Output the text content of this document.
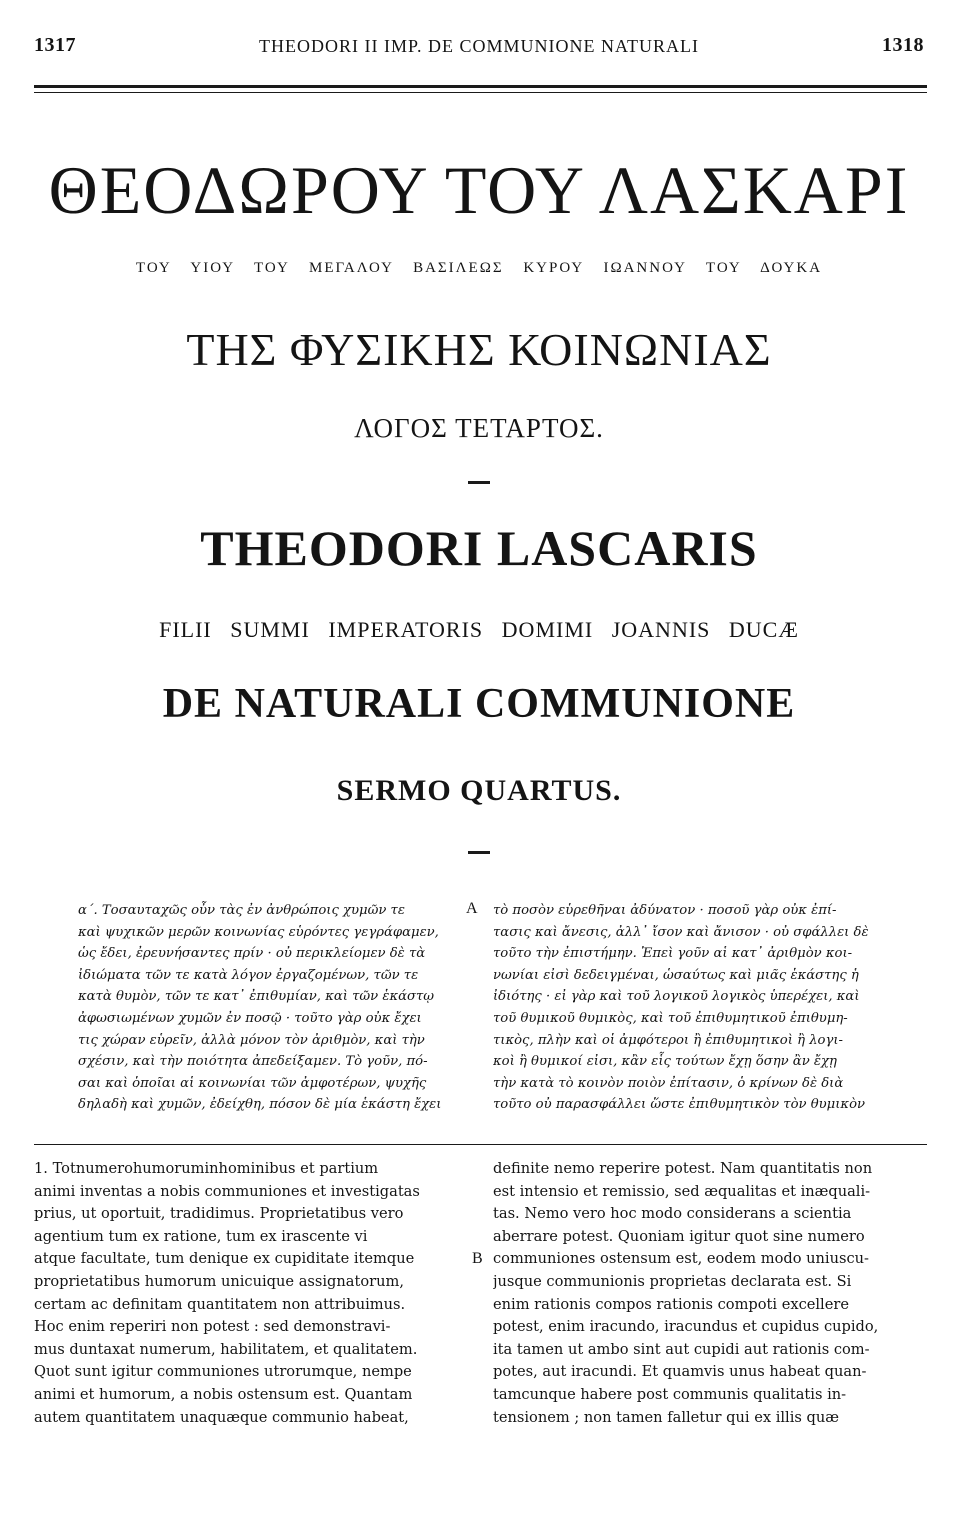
1317	THEODORI II IMP. DE COMMUNIONE NATURALI	1318
ΘΕΟΔΩΡΟΥ ΤΟΥ ΛΑΣΚΑΡΙ
ΤΟΥ ΥΙΟΥ ΤΟΥ ΜΕΓΑΛΟΥ ΒΑΣΙΛΕΩΣ ΚΥΡΟΥ ΙΩΑΝΝΟΥ ΤΟΥ ΔΟΥΚΑ
ΤΗΣ ΦΥΣΙΚΗΣ ΚΟΙΝΩΝΙΑΣ
ΛΟΓΟΣ ΤΕΤΑΡΤΟΣ.
THEODORI LASCARIS
FILII SUMMI IMPERATORIS DOMIMI JOANNIS DUCÆ
DE NATURALI COMMUNIONE
SERMO QUARTUS.
α΄. Τοσαυταχῶς οὖν τὰς ἐν ἀνθρώποις χυμῶν τε
καὶ ψυχικῶν μερῶν κοινωνίας εὑρόντες γεγράφαμεν,
ὡς ἔδει, ἐρευνήσαντες πρίν · οὐ περικλείομεν δὲ τὰ
ἰδιώματα τῶν τε κατὰ λόγον ἐργαζομένων, τῶν τε
κατὰ θυμὸν, τῶν τε κατ᾽ ἐπιθυμίαν, καὶ τῶν ἑκάστῳ
ἀφωσιωμένων χυμῶν ἐν ποσῷ · τοῦτο γὰρ οὐκ ἔχει
τις χώραν εὑρεῖν, ἀλλὰ μόνον τὸν ἀριθμὸν, καὶ τὴν
σχέσιν, καὶ τὴν ποιότητα ἀπεδείξαμεν. Τὸ γοῦν, πό-
σαι καὶ ὁποῖαι αἱ κοινωνίαι τῶν ἀμφοτέρων, ψυχῆς
δηλαδὴ καὶ χυμῶν, ἐδείχθη, πόσον δὲ μία ἑκάστη ἔχει
A τὸ ποσὸν εὑρεθῆναι ἀδύνατον · ποσοῦ γὰρ οὐκ ἐπί-
τασις καὶ ἄνεσις, ἀλλ᾽ ἴσον καὶ ἄνισον · οὐ σφάλλει δὲ
τοῦτο τὴν ἐπιστήμην. Ἐπεὶ γοῦν αἱ κατ᾽ ἀριθμὸν κοι-
νωνίαι εἰσὶ δεδειγμέναι, ὡσαύτως καὶ μιᾶς ἑκάστης ἡ
ἰδιότης · εἰ γὰρ καὶ τοῦ λογικοῦ λογικὸς ὑπερέχει, καὶ
τοῦ θυμικοῦ θυμικὸς, καὶ τοῦ ἐπιθυμητικοῦ ἐπιθυμη-
τικὸς, πλὴν καὶ οἱ ἀμφότεροι ἢ ἐπιθυμητικοὶ ἢ λογι-
κοὶ ἢ θυμικοί εἰσι, κἂν εἷς τούτων ἔχῃ ὅσην ἂν ἔχῃ
τὴν κατὰ τὸ κοινὸν ποιὸν ἐπίτασιν, ὁ κρίνων δὲ διὰ
τοῦτο οὐ παρασφάλλει ὥστε ἐπιθυμητικὸν τὸν θυμικὸν
1. Totnumerohumoruminhominibus et partium
animi inventas a nobis communiones et investigatas
prius, ut oportuit, tradidimus. Proprietatibus vero
agentium tum ex ratione, tum ex irascente vi
atque facultate, tum denique ex cupiditate itemque
proprietatibus humorum unicuique assignatorum,
certam ac definitam quantitatem non attribuimus.
Hoc enim reperiri non potest : sed demonstravi-
mus duntaxat numerum, habilitatem, et qualitatem.
Quot sunt igitur communiones utrorumque, nempe
animi et humorum, a nobis ostensum est. Quantam
autem quantitatem unaquæque communio habeat,
B
definite nemo reperire potest. Nam quantitatis non
est intensio et remissio, sed æqualitas et inæquali-
tas. Nemo vero hoc modo considerans a scientia
aberrare potest. Quoniam igitur quot sine numero
communiones ostensum est, eodem modo uniuscu-
jusque communionis proprietas declarata est. Si
enim rationis compos rationis compoti excellere
potest, enim iracundo, iracundus et cupidus cupido,
ita tamen ut ambo sint aut cupidi aut rationis com-
potes, aut iracundi. Et quamvis unus habeat quan-
tamcunque habere post communis qualitatis in-
tensionem ; non tamen falletur qui ex illis quæ
